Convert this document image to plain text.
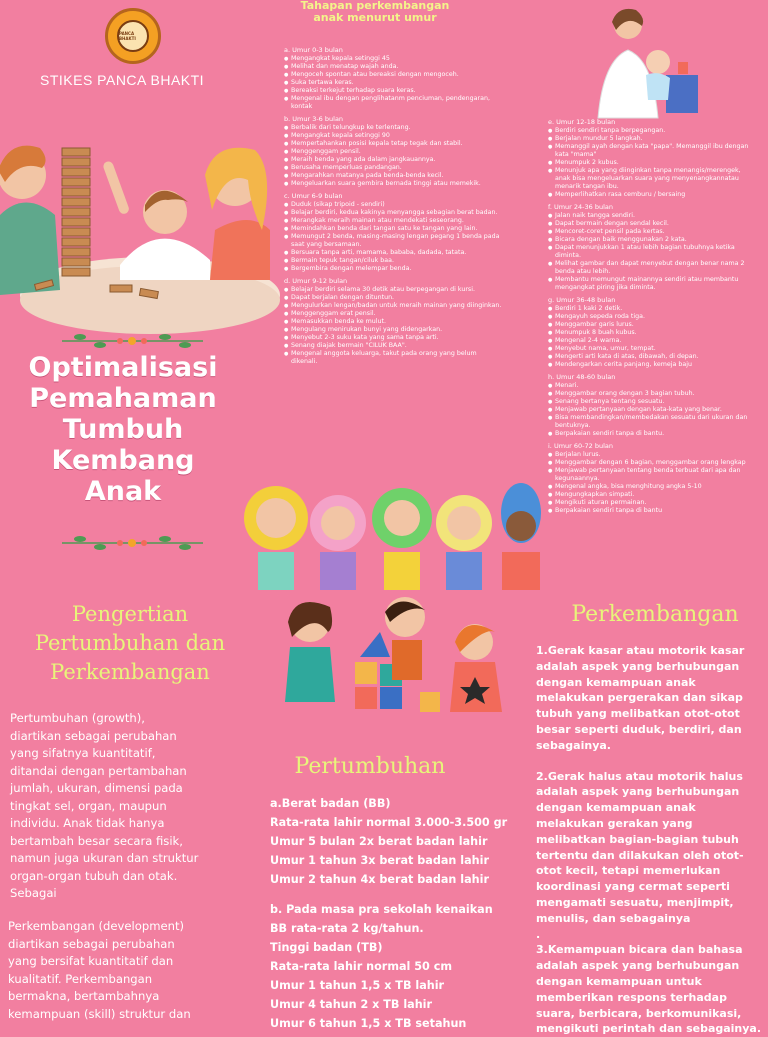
PANCA BHAKTI
STIKES PANCA BHAKTI
Optimalisasi
Pemahaman
Tumbuh
Kembang
Anak
Tahapan perkembangan anak menurut umur
a. Umur 0-3 bulan
● Mengangkat kepala setinggi 45
● Melihat dan menatap wajah anda.
● Mengoceh spontan atau bereaksi dengan mengoceh.
● Suka tertawa keras.
● Bereaksi terkejut terhadap suara keras.
● Mengenal ibu dengan penglihatanm penciuman, pendengaran, kontak
b. Umur 3-6 bulan
● Berbalik dari telungkup ke terlentang.
● Mengangkat kepala setinggi 90
● Mempertahankan posisi kepala tetap tegak dan stabil.
● Menggenggam pensil.
● Meraih benda yang ada dalam jangkauannya.
● Berusaha memperluas pandangan.
● Mengarahkan matanya pada benda-benda kecil.
● Mengeluarkan suara gembira bernada tinggi atau memekik.
c. Umur 6-9 bulan
● Duduk (sikap tripoid - sendiri)
● Belajar berdiri, kedua kakinya menyangga sebagian berat badan.
● Merangkak meraih mainan atau mendekati seseorang.
● Memindahkan benda dari tangan satu ke tangan yang lain.
● Memungut 2 benda, masing-masing lengan pegang 1 benda pada saat yang bersamaan.
● Bersuara tanpa arti, mamama, bababa, dadada, tatata.
● Bermain tepuk tangan/ciluk baa.
● Bergembira dengan melempar benda.
d. Umur 9-12 bulan
● Belajar berdiri selama 30 detik atau berpegangan di kursi.
● Dapat berjalan dengan dituntun.
● Mengulurkan lengan/badan untuk meraih mainan yang diinginkan.
● Menggenggam erat pensil.
● Memasukkan benda ke mulut.
● Mengulang menirukan bunyi yang didengarkan.
● Menyebut 2-3 suku kata yang sama tanpa arti.
● Senang diajak bermain "CILUK BAA".
● Mengenal anggota keluarga, takut pada orang yang belum dikenali.
e. Umur 12-18 bulan
● Berdiri sendiri tanpa berpegangan.
● Berjalan mundur 5 langkah.
● Memanggil ayah dengan kata "papa". Memanggil ibu dengan kata "mama"
● Menumpuk 2 kubus.
● Menunjuk apa yang diinginkan tanpa menangis/merengek, anak bisa mengeluarkan suara yang menyenangkannatau menarik tangan ibu.
● Memperlihatkan rasa cemburu / bersaing
f. Umur 24-36 bulan
● Jalan naik tangga sendiri.
● Dapat bermain dengan sendal kecil.
● Mencoret-coret pensil pada kertas.
● Bicara dengan baik menggunakan 2 kata.
● Dapat menunjukkan 1 atau lebih bagian tubuhnya ketika diminta.
● Melihat gambar dan dapat menyebut dengan benar nama 2 benda atau lebih.
● Membantu memungut mainannya sendiri atau membantu mengangkat piring jika diminta.
g. Umur 36-48 bulan
● Berdiri 1 kaki 2 detik.
● Mengayuh sepeda roda tiga.
● Menggambar garis lurus.
● Menumpuk 8 buah kubus.
● Mengenal 2-4 warna.
● Menyebut nama, umur, tempat.
● Mengerti arti kata di atas, dibawah, di depan.
● Mendengarkan cerita panjang, kemeja baju
h. Umur 48-60 bulan
● Menari.
● Menggambar orang dengan 3 bagian tubuh.
● Senang bertanya tentang sesuatu.
● Menjawab pertanyaan dengan kata-kata yang benar.
● Bisa membandingkan/membedakan sesuatu dari ukuran dan bentuknya.
● Berpakaian sendiri tanpa di bantu.
i. Umur 60-72 bulan
● Berjalan lurus.
● Menggambar dengan 6 bagian, menggambar orang lengkap
● Menjawab pertanyaan tentang benda terbuat dari apa dan kegunaannya.
● Mengenal angka, bisa menghitung angka 5-10
● Mengungkapkan simpati.
● Mengikuti aturan permainan.
● Berpakaian sendiri tanpa di bantu
Pengertian
Pertumbuhan dan
Perkembangan
Pertumbuhan (growth),
diartikan sebagai perubahan
yang sifatnya kuantitatif,
ditandai dengan pertambahan
jumlah, ukuran, dimensi pada
tingkat sel, organ, maupun
individu. Anak tidak hanya
bertambah besar secara fisik,
namun juga ukuran dan struktur
organ-organ tubuh dan otak.
Sebagai
Perkembangan (development)
diartikan sebagai perubahan
yang bersifat kuantitatif dan
kualitatif. Perkembangan
bermakna, bertambahnya
kemampuan (skill) struktur dan
Pertumbuhan
a.Berat badan (BB)
Rata-rata lahir normal 3.000-3.500 gr
Umur 5 bulan 2x berat badan lahir
Umur 1 tahun 3x berat badan lahir
Umur 2 tahun 4x berat badan lahir
b. Pada masa pra sekolah kenaikan
BB rata-rata 2 kg/tahun.
Tinggi badan (TB)
Rata-rata lahir normal 50 cm
Umur 1 tahun 1,5 x TB lahir
Umur 4 tahun 2 x TB lahir
Umur 6 tahun 1,5 x TB setahun
Perkembangan
1.Gerak kasar atau motorik kasar
adalah aspek yang berhubungan
dengan kemampuan anak
melakukan pergerakan dan sikap
tubuh yang melibatkan otot-otot
besar seperti duduk, berdiri, dan
sebagainya.
2.Gerak halus atau motorik halus
adalah aspek yang berhubungan
dengan kemampuan anak
melakukan gerakan yang
melibatkan bagian-bagian tubuh
tertentu dan dilakukan oleh otot-
otot kecil, tetapi memerlukan
koordinasi yang cermat seperti
mengamati sesuatu, menjimpit,
menulis, dan sebagainya
.
3.Kemampuan bicara dan bahasa
adalah aspek yang berhubungan
dengan kemampuan untuk
memberikan respons terhadap
suara, berbicara, berkomunikasi,
mengikuti perintah dan sebagainya.
